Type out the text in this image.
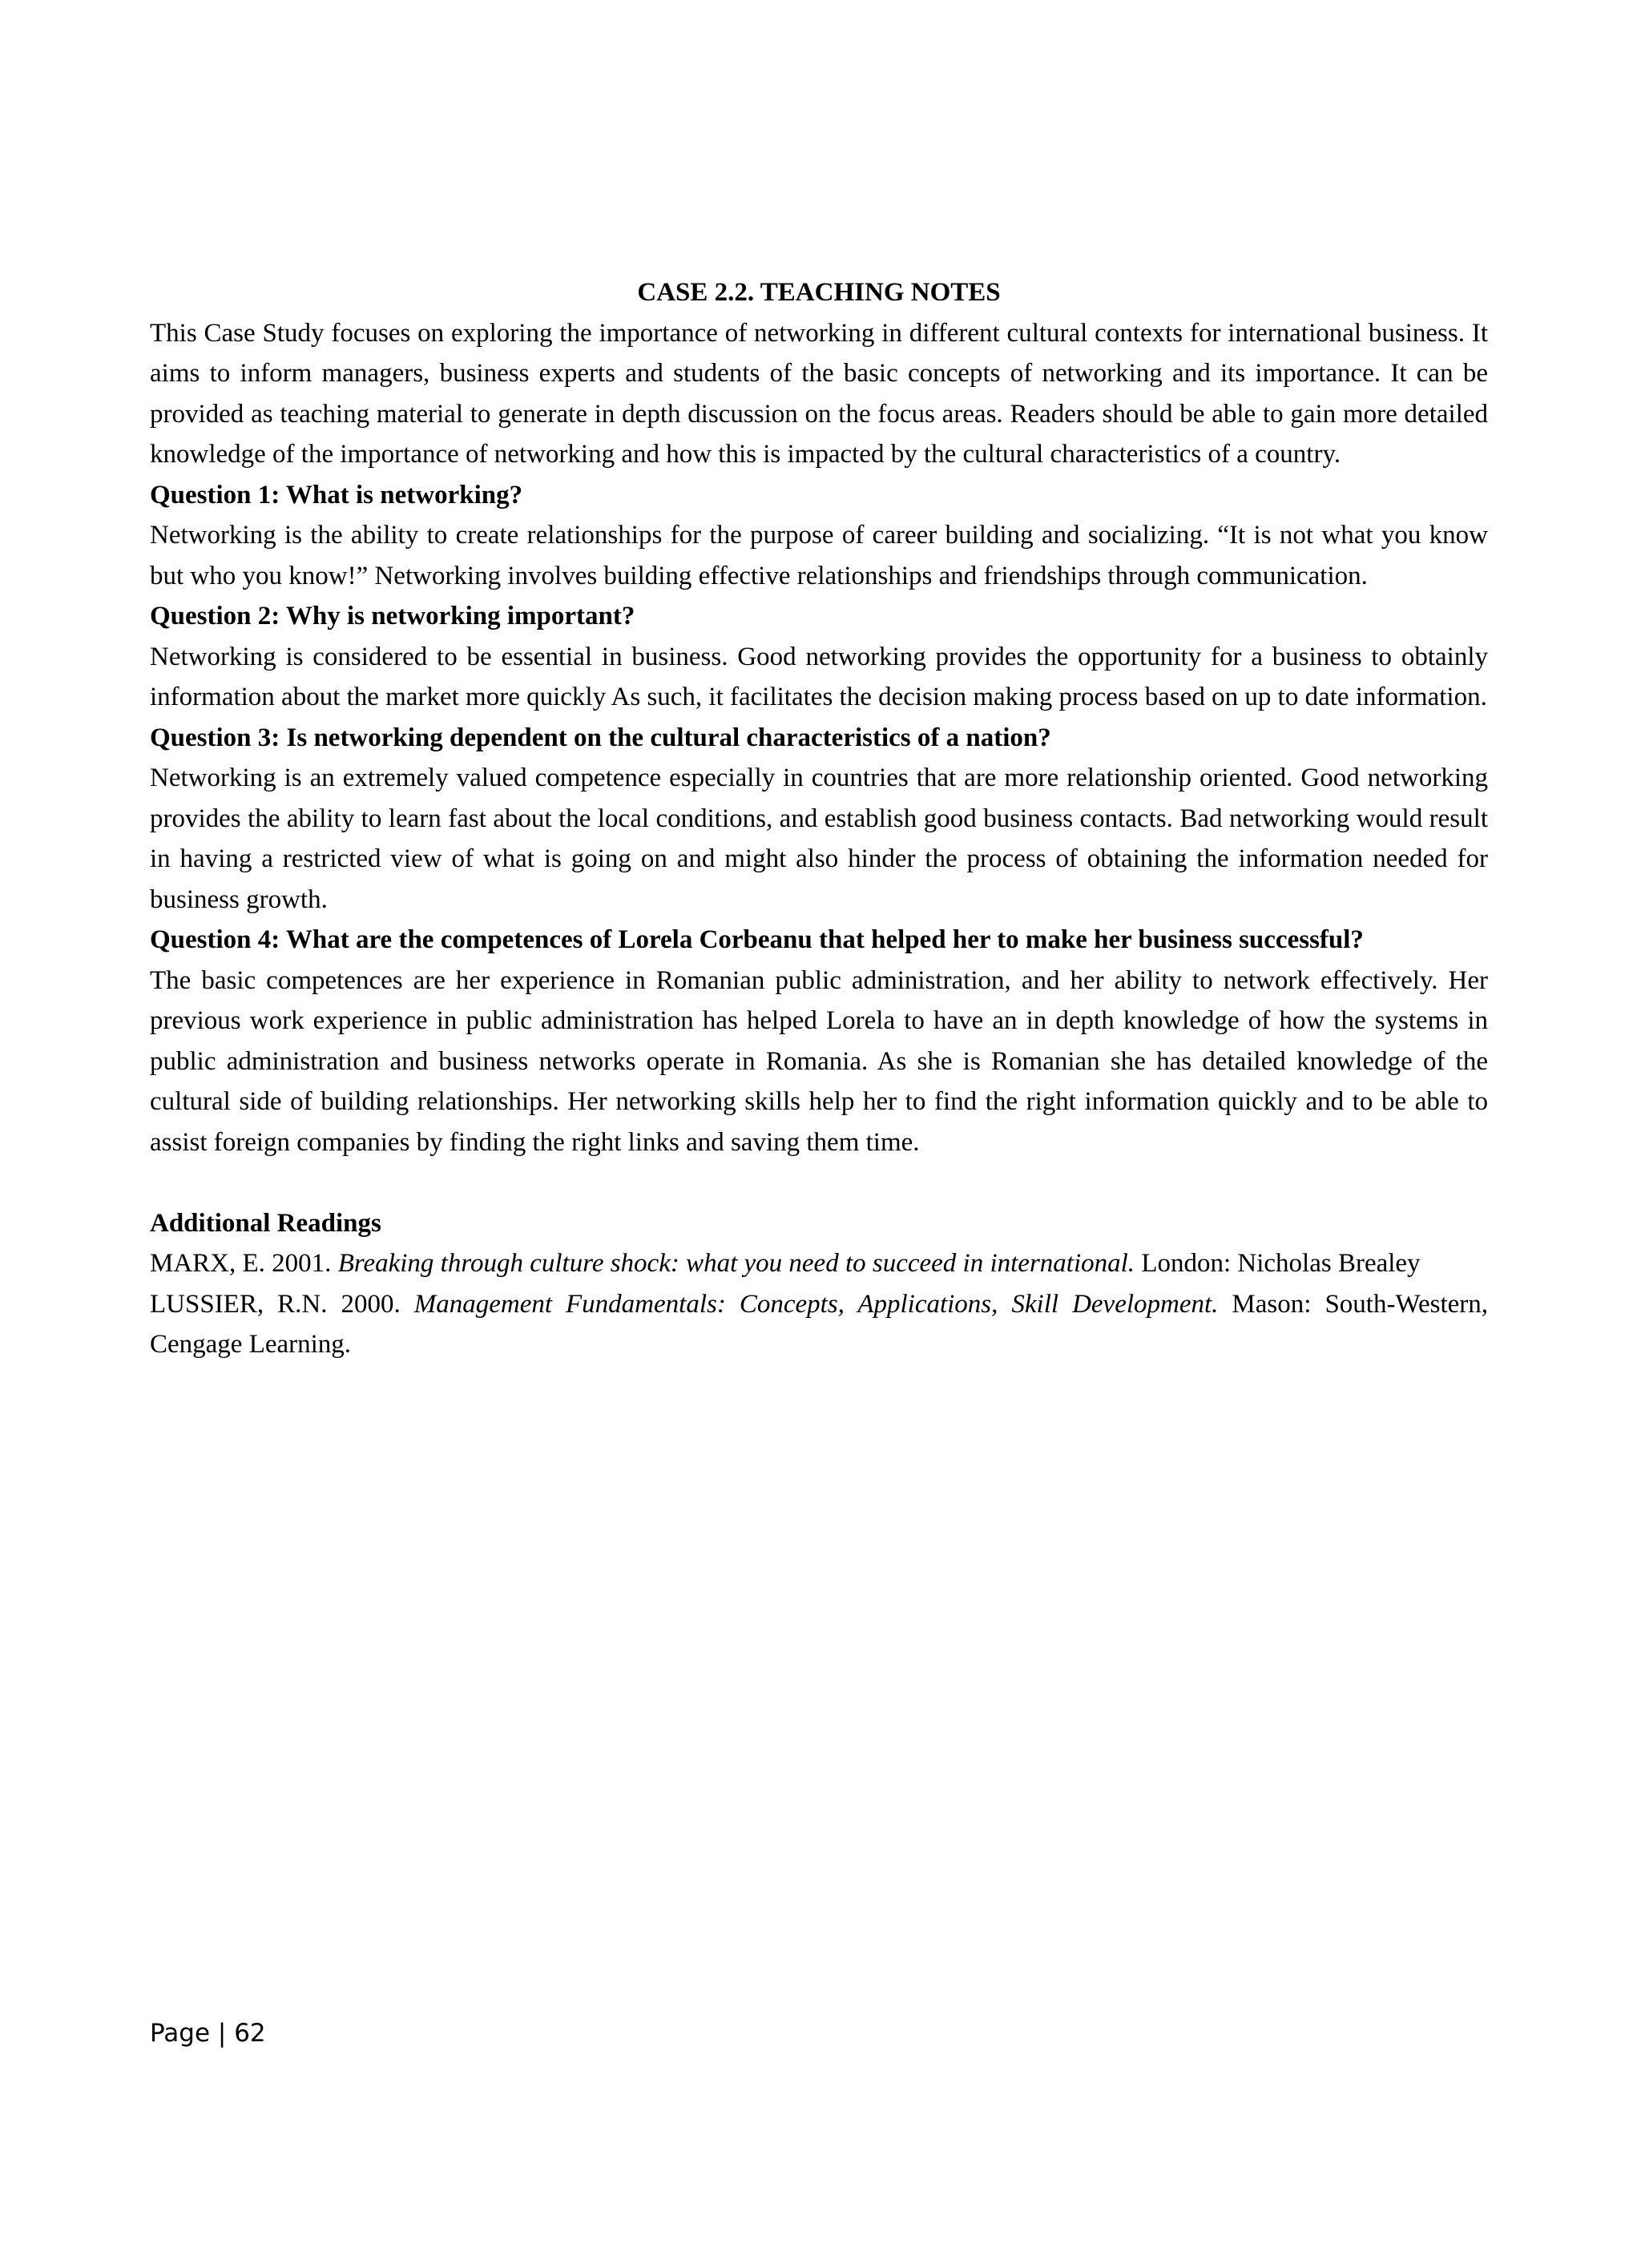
CASE 2.2. TEACHING NOTES

This Case Study focuses on exploring the importance of networking in different cultural contexts for international business. It aims to inform managers, business experts and students of the basic concepts of networking and its importance. It can be provided as teaching material to generate in depth discussion on the focus areas. Readers should be able to gain more detailed knowledge of the importance of networking and how this is impacted by the cultural characteristics of a country.

Question 1: What is networking?

Networking is the ability to create relationships for the purpose of career building and socializing. “It is not what you know but who you know!” Networking involves building effective relationships and friendships through communication.

Question 2: Why is networking important?

Networking is considered to be essential in business. Good networking provides the opportunity for a business to obtainly information about the market more quickly As such, it facilitates the decision making process based on up to date information.

Question 3: Is networking dependent on the cultural characteristics of a nation?

Networking is an extremely valued competence especially in countries that are more relationship oriented. Good networking provides the ability to learn fast about the local conditions, and establish good business contacts. Bad networking would result in having a restricted view of what is going on and might also hinder the process of obtaining the information needed for business growth.

Question 4: What are the competences of Lorela Corbeanu that helped her to make her business successful?

The basic competences are her experience in Romanian public administration, and her ability to network effectively. Her previous work experience in public administration has helped Lorela to have an in depth knowledge of how the systems in public administration and business networks operate in Romania. As she is Romanian she has detailed knowledge of the cultural side of building relationships. Her networking skills help her to find the right information quickly and to be able to assist foreign companies by finding the right links and saving them time.

Additional Readings

MARX, E. 2001. Breaking through culture shock: what you need to succeed in international. London: Nicholas Brealey

LUSSIER, R.N. 2000. Management Fundamentals: Concepts, Applications, Skill Development. Mason: South-Western, Cengage Learning.

Page | 62
